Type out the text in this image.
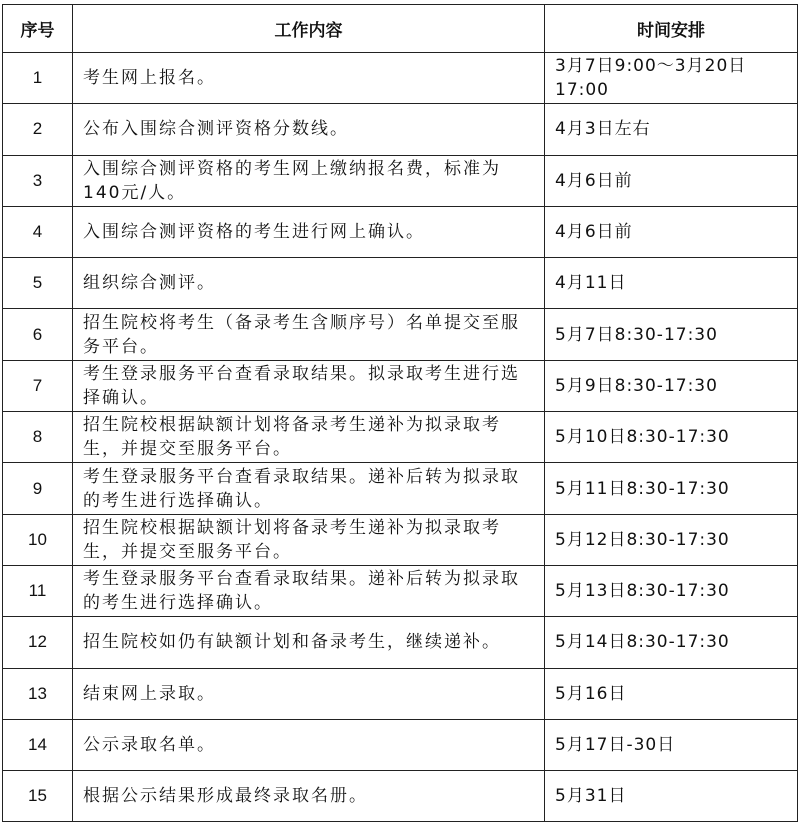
序号	工作内容	时间安排
1	考生网上报名。	3月7日9:00～3月20日17:00
2	公布入围综合测评资格分数线。	4月3日左右
3	入围综合测评资格的考生网上缴纳报名费，标准为140元/人。	4月6日前
4	入围综合测评资格的考生进行网上确认。	4月6日前
5	组织综合测评。	4月11日
6	招生院校将考生（备录考生含顺序号）名单提交至服务平台。	5月7日8:30-17:30
7	考生登录服务平台查看录取结果。拟录取考生进行选择确认。	5月9日8:30-17:30
8	招生院校根据缺额计划将备录考生递补为拟录取考生，并提交至服务平台。	5月10日8:30-17:30
9	考生登录服务平台查看录取结果。递补后转为拟录取的考生进行选择确认。	5月11日8:30-17:30
10	招生院校根据缺额计划将备录考生递补为拟录取考生，并提交至服务平台。	5月12日8:30-17:30
11	考生登录服务平台查看录取结果。递补后转为拟录取的考生进行选择确认。	5月13日8:30-17:30
12	招生院校如仍有缺额计划和备录考生，继续递补。	5月14日8:30-17:30
13	结束网上录取。	5月16日
14	公示录取名单。	5月17日-30日
15	根据公示结果形成最终录取名册。	5月31日
